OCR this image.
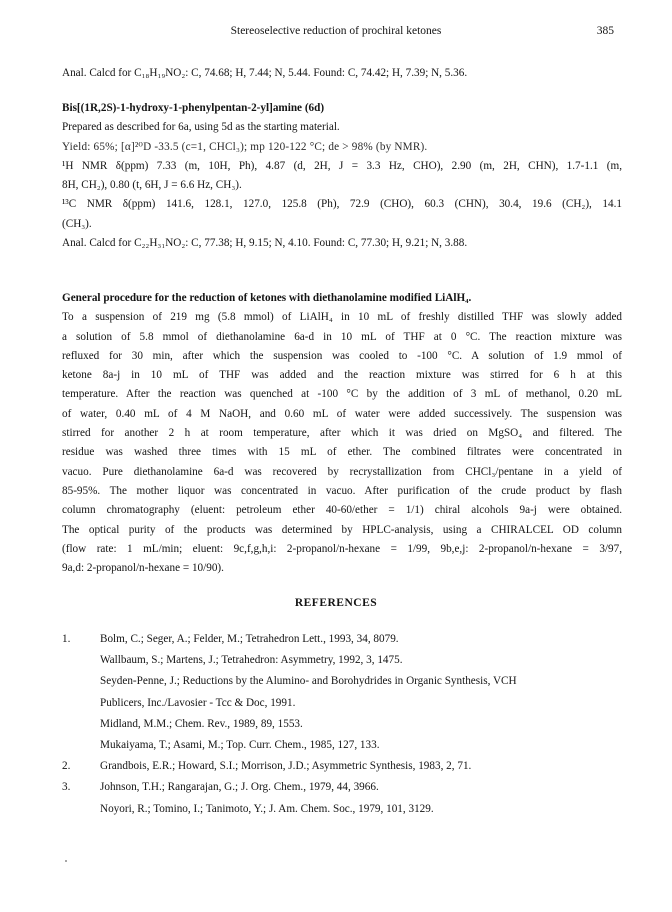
Stereoselective reduction of prochiral ketones	385
Anal. Calcd for C₁₈H₁₉NO₂: C, 74.68; H, 7.44; N, 5.44. Found: C, 74.42; H, 7.39; N, 5.36.
Bis[(1R,2S)-1-hydroxy-1-phenylpentan-2-yl]amine (6d)
Prepared as described for 6a, using 5d as the starting material.
Yield: 65%; [α]²⁰D -33.5 (c=1, CHCl₃); mp 120-122 °C; de > 98% (by NMR).
¹H NMR δ(ppm) 7.33 (m, 10H, Ph), 4.87 (d, 2H, J = 3.3 Hz, CHO), 2.90 (m, 2H, CHN), 1.7-1.1 (m,
8H, CH₂), 0.80 (t, 6H, J = 6.6 Hz, CH₃).
¹³C NMR δ(ppm) 141.6, 128.1, 127.0, 125.8 (Ph), 72.9 (CHO), 60.3 (CHN), 30.4, 19.6 (CH₂), 14.1
(CH₃).
Anal. Calcd for C₂₂H₃₁NO₂: C, 77.38; H, 9.15; N, 4.10. Found: C, 77.30; H, 9.21; N, 3.88.
General procedure for the reduction of ketones with diethanolamine modified LiAlH₄.
To a suspension of 219 mg (5.8 mmol) of LiAlH₄ in 10 mL of freshly distilled THF was slowly added
a solution of 5.8 mmol of diethanolamine 6a-d in 10 mL of THF at 0 °C. The reaction mixture was
refluxed for 30 min, after which the suspension was cooled to -100 °C. A solution of 1.9 mmol of
ketone 8a-j in 10 mL of THF was added and the reaction mixture was stirred for 6 h at this
temperature. After the reaction was quenched at -100 °C by the addition of 3 mL of methanol, 0.20 mL
of water, 0.40 mL of 4 M NaOH, and 0.60 mL of water were added successively. The suspension was
stirred for another 2 h at room temperature, after which it was dried on MgSO₄ and filtered. The
residue was washed three times with 15 mL of ether. The combined filtrates were concentrated in
vacuo. Pure diethanolamine 6a-d was recovered by recrystallization from CHCl₃/pentane in a yield of
85-95%. The mother liquor was concentrated in vacuo. After purification of the crude product by flash
column chromatography (eluent: petroleum ether 40-60/ether = 1/1) chiral alcohols 9a-j were obtained.
The optical purity of the products was determined by HPLC-analysis, using a CHIRALCEL OD column
(flow rate: 1 mL/min; eluent: 9c,f,g,h,i: 2-propanol/n-hexane = 1/99, 9b,e,j: 2-propanol/n-hexane = 3/97,
9a,d: 2-propanol/n-hexane = 10/90).
REFERENCES
1.	Bolm, C.; Seger, A.; Felder, M.; Tetrahedron Lett., 1993, 34, 8079.
Wallbaum, S.; Martens, J.; Tetrahedron: Asymmetry, 1992, 3, 1475.
Seyden-Penne, J.; Reductions by the Alumino- and Borohydrides in Organic Synthesis, VCH
Publicers, Inc./Lavosier - Tcc & Doc, 1991.
Midland, M.M.; Chem. Rev., 1989, 89, 1553.
Mukaiyama, T.; Asami, M.; Top. Curr. Chem., 1985, 127, 133.
2.	Grandbois, E.R.; Howard, S.I.; Morrison, J.D.; Asymmetric Synthesis, 1983, 2, 71.
3.	Johnson, T.H.; Rangarajan, G.; J. Org. Chem., 1979, 44, 3966.
Noyori, R.; Tomino, I.; Tanimoto, Y.; J. Am. Chem. Soc., 1979, 101, 3129.
